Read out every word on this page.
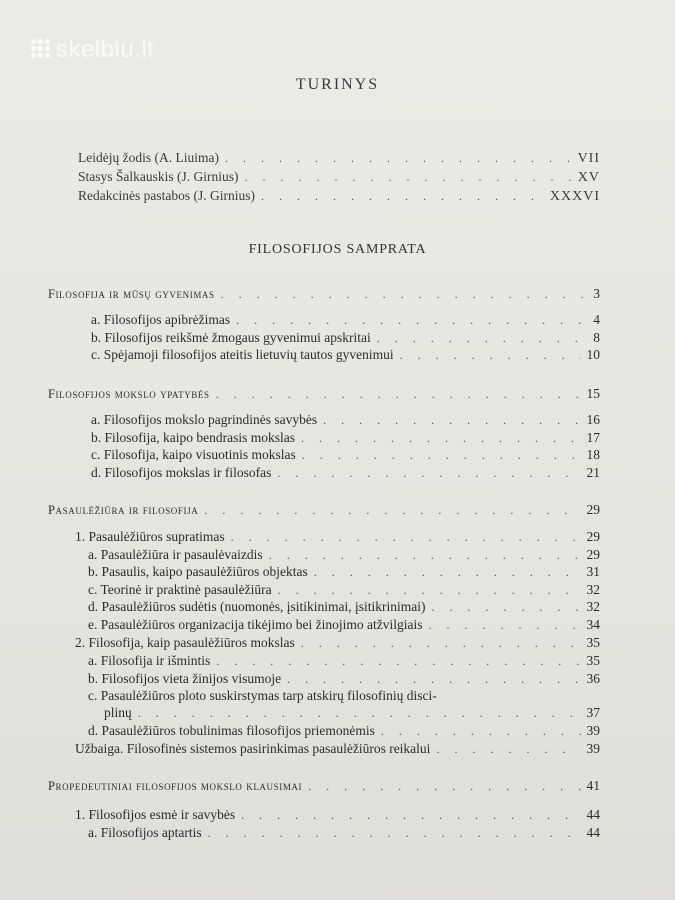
skelbiu.lt
TURINYS
Leidėjų žodis (A. Liuima) . . .	VII
Stasys Šalkauskis (J. Girnius) . . .	XV
Redakcinės pastabos (J. Girnius) . . .	XXXVI
FILOSOFIJOS SAMPRATA
Filosofija ir mūsų gyvenimas . . .	3
a. Filosofijos apibrėžimas . . .	4
b. Filosofijos reikšmė žmogaus gyvenimui apskritai . . .	8
c. Spėjamoji filosofijos ateitis lietuvių tautos gyvenimui . . .	10
Filosofijos mokslo ypatybės . . .	15
a. Filosofijos mokslo pagrindinės savybės . . .	16
b. Filosofija, kaipo bendrasis mokslas . . .	17
c. Filosofija, kaipo visuotinis mokslas . . .	18
d. Filosofijos mokslas ir filosofas . . .	21
Pasaulėžiūra ir filosofija . . .	29
1. Pasaulėžiūros supratimas . . .	29
a. Pasaulėžiūra ir pasaulėvaizdis . . .	29
b. Pasaulis, kaipo pasaulėžiūros objektas . . .	31
c. Teorinė ir praktinė pasaulėžiūra . . .	32
d. Pasaulėžiūros sudėtis (nuomonės, įsitikinimai, įsitikrinimai) . . .	32
e. Pasaulėžiūros organizacija tikėjimo bei žinojimo atžvilgiais . . .	34
2. Filosofija, kaip pasaulėžiūros mokslas . . .	35
a. Filosofija ir išmintis . . .	35
b. Filosofijos vieta žinijos visumoje . . .	36
c. Pasaulėžiūros ploto suskirstymas tarp atskirų filosofinių disci-
plinų . . .	37
d. Pasaulėžiūros tobulinimas filosofijos priemonėmis . . .	39
Užbaiga. Filosofinės sistemos pasirinkimas pasaulėžiūros reikalui . . .	39
Propedeutiniai filosofijos mokslo klausimai . . .	41
1. Filosofijos esmė ir savybės . . .	44
a. Filosofijos aptartis . . .	44
